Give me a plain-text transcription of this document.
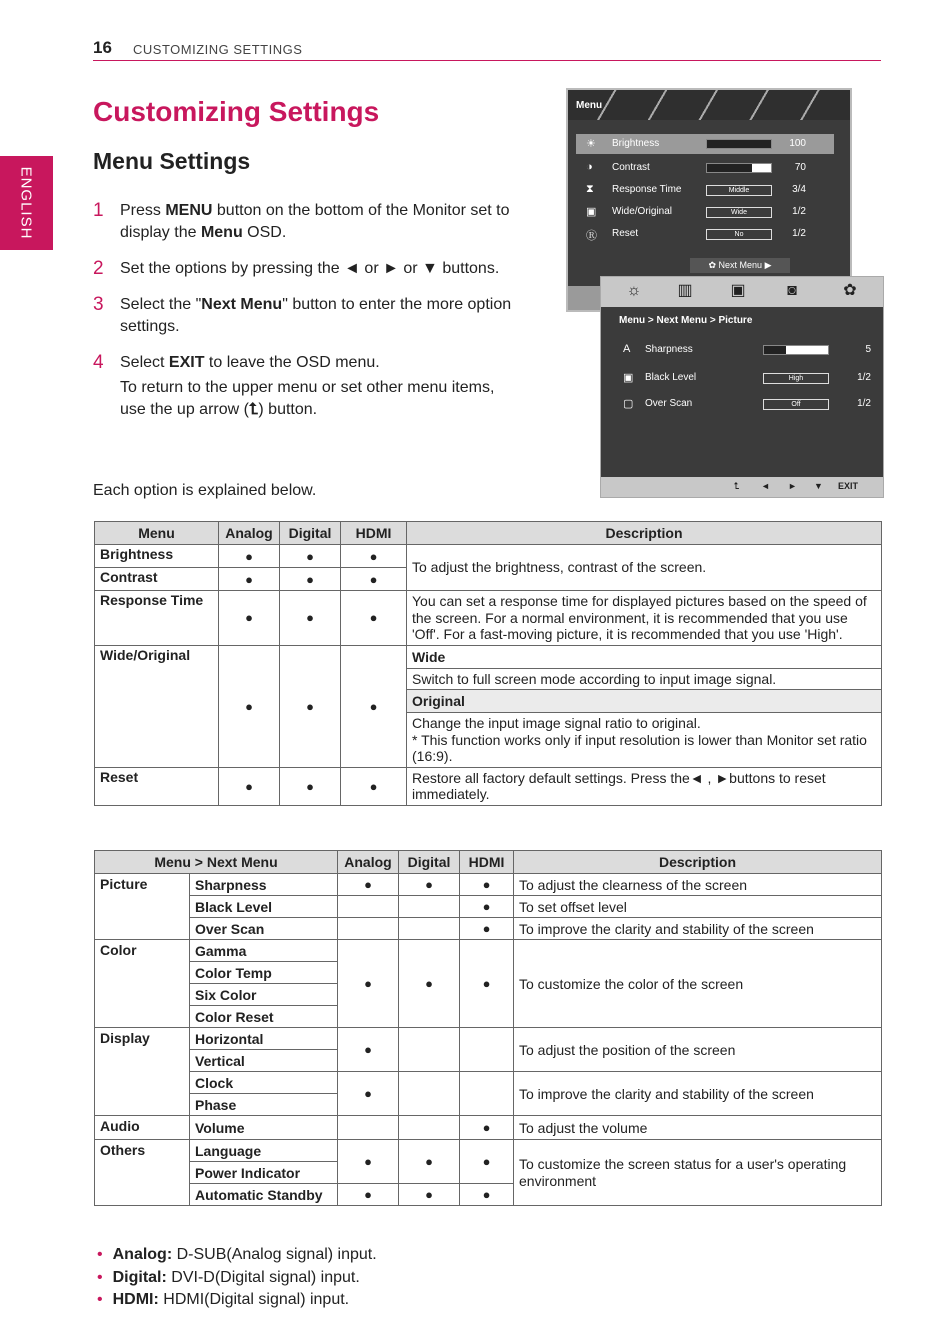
16 CUSTOMIZING SETTINGS
ENGLISH
Customizing Settings
Menu Settings
1 Press MENU button on the bottom of the Monitor set to display the Menu OSD.
2 Set the options by pressing the ◄ or ► or ▼ buttons.
3 Select the "Next Menu" button to enter the more option settings.
4 Select EXIT to leave the OSD menu.
To return to the upper menu or set other menu items, use the up arrow (⮤) button.
Each option is explained below.
Menu
☀ Brightness	100
◑ Contrast	70
⧗ Response Time	Middle	3/4
▣ Wide/Original	Wide	1/2
Ⓡ Reset	No	1/2
✿ Next Menu ▶
☼ ▥ ▣	◙	✿
Menu > Next Menu > Picture
A Sharpness	5
▣ Black Level	High	1/2
▢ Over Scan	Off	1/2
⮤ ◄ ► ▼ EXIT
Menu	Analog	Digital	HDMI	Description
Brightness	●	●	●	To adjust the brightness, contrast of the screen.
Contrast	●	●	●	
Response Time	●	●	●	You can set a response time for displayed pictures based on the speed of the screen. For a normal environment, it is recommended that you use 'Off'. For a fast-moving picture, it is recommended that you use 'High'.
Wide/Original	●	●	●	Wide
				Switch to full screen mode according to input image signal.
				Original

				Change the input image signal ratio to original.
* This function works only if input resolution is lower than Monitor set ratio (16:9).

Reset	●	●	●	Restore all factory default settings. Press the◄ , ►buttons to reset immediately.
Menu > Next Menu		Analog	Digital	HDMI	Description
Picture	Sharpness	●	●	●	To adjust the clearness of the screen
	Black Level			●	To set offset level
	Over Scan			●	To improve the clarity and stability of the screen
Color	Gamma	●	●	●	To customize the color of the screen
	Color Temp				
	Six Color				
	Color Reset				
Display	Horizontal	●			To adjust the position of the screen
	Vertical				
	Clock	●			To improve the clarity and stability of the screen
	Phase				
Audio	Volume			●	To adjust the volume
Others	Language	●	●	●	To customize the screen status for a user's operating environment
	Power Indicator				
	Automatic Standby	●	●	●	
• Analog: D-SUB(Analog signal) input.
• Digital: DVI-D(Digital signal) input.
• HDMI: HDMI(Digital signal) input.
